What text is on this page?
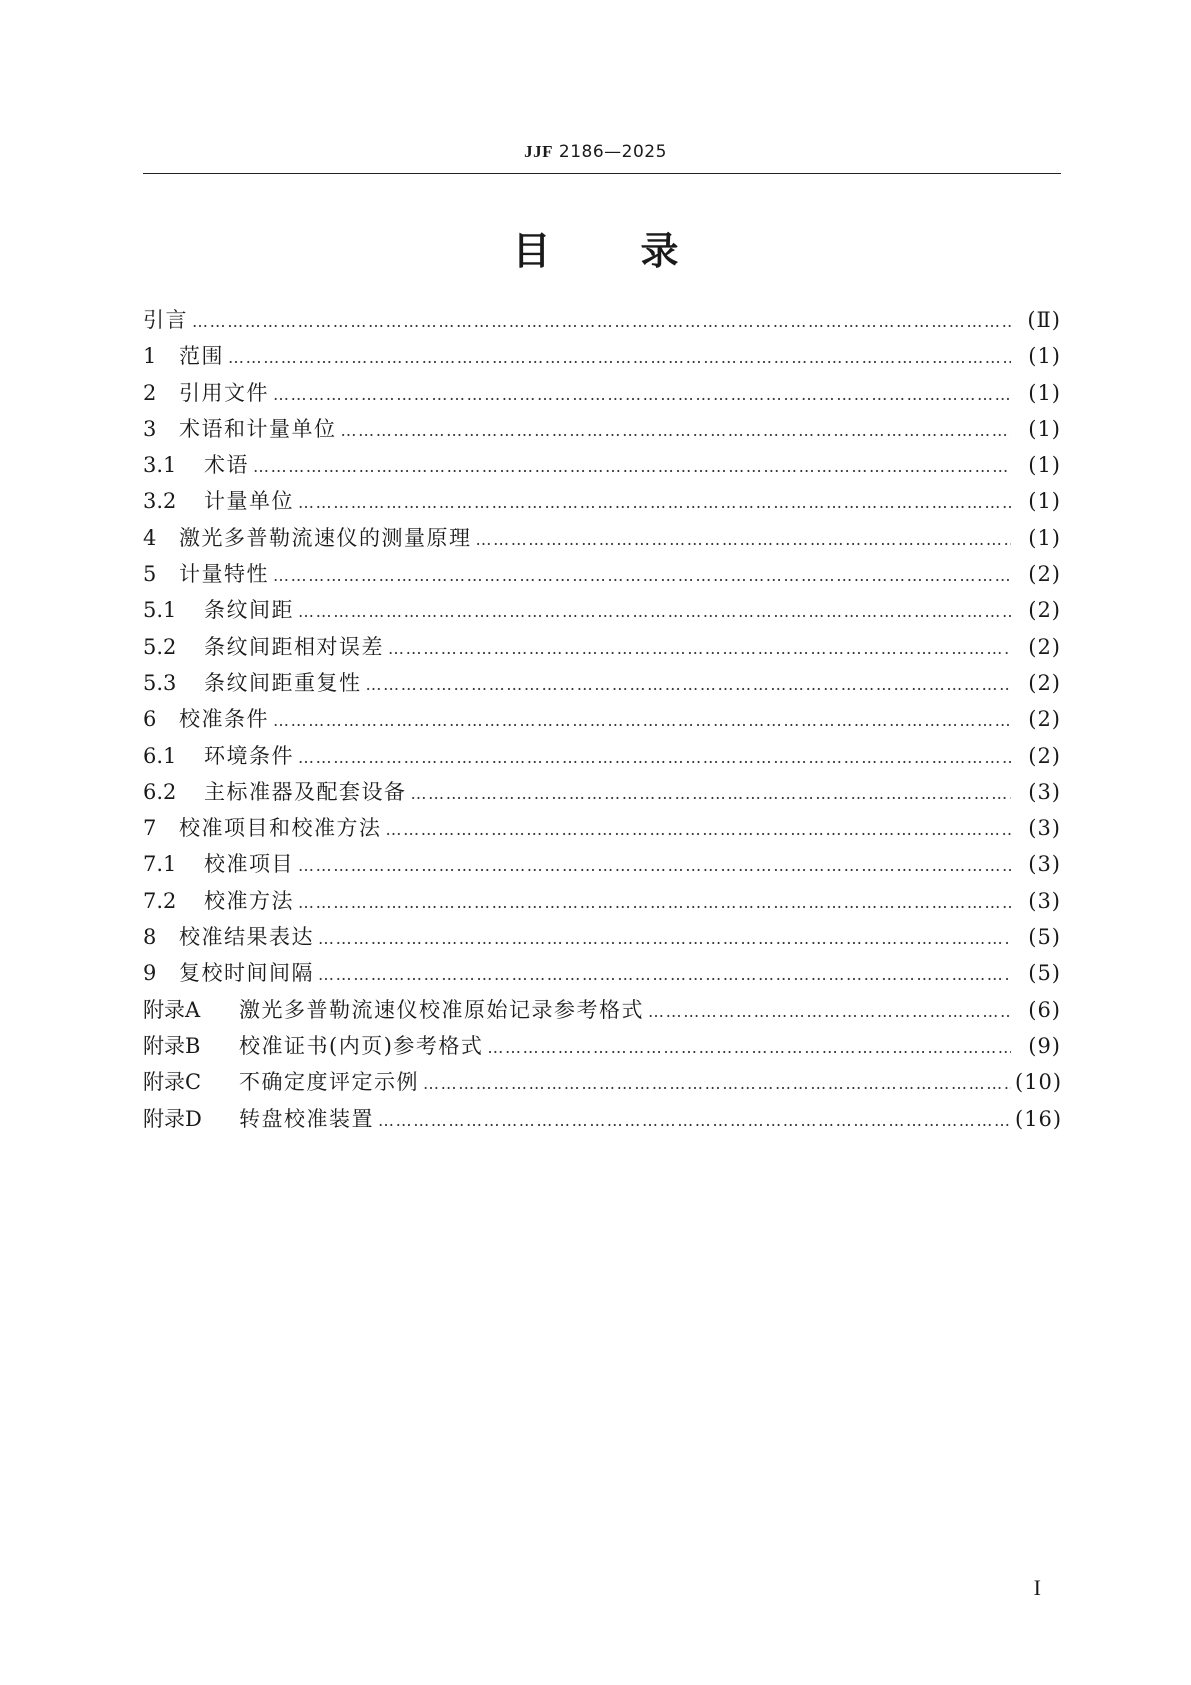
JJF 2186—2025
目 录
引言 ……………………………………………………………………………………………………………………………………………………………………………………………………………………	(Ⅱ)
1	范围 ……………………………………………………………………………………………………………………………………………………………………………………………………………………	(1)
2	引用文件 ……………………………………………………………………………………………………………………………………………………………………………………………………………………	(1)
3	术语和计量单位 ……………………………………………………………………………………………………………………………………………………………………………………………………………………	(1)
3.1	术语 ……………………………………………………………………………………………………………………………………………………………………………………………………………………	(1)
3.2	计量单位 ……………………………………………………………………………………………………………………………………………………………………………………………………………………	(1)
4	激光多普勒流速仪的测量原理 ……………………………………………………………………………………………………………………………………………………………………………………………………………………	(1)
5	计量特性 ……………………………………………………………………………………………………………………………………………………………………………………………………………………	(2)
5.1	条纹间距 ……………………………………………………………………………………………………………………………………………………………………………………………………………………	(2)
5.2	条纹间距相对误差 ……………………………………………………………………………………………………………………………………………………………………………………………………………………	(2)
5.3	条纹间距重复性 ……………………………………………………………………………………………………………………………………………………………………………………………………………………	(2)
6	校准条件 ……………………………………………………………………………………………………………………………………………………………………………………………………………………	(2)
6.1	环境条件 ……………………………………………………………………………………………………………………………………………………………………………………………………………………	(2)
6.2	主标准器及配套设备 ……………………………………………………………………………………………………………………………………………………………………………………………………………………	(3)
7	校准项目和校准方法 ……………………………………………………………………………………………………………………………………………………………………………………………………………………	(3)
7.1	校准项目 ……………………………………………………………………………………………………………………………………………………………………………………………………………………	(3)
7.2	校准方法 ……………………………………………………………………………………………………………………………………………………………………………………………………………………	(3)
8	校准结果表达 ……………………………………………………………………………………………………………………………………………………………………………………………………………………	(5)
9	复校时间间隔 ……………………………………………………………………………………………………………………………………………………………………………………………………………………	(5)
附录A	激光多普勒流速仪校准原始记录参考格式 ……………………………………………………………………………………………………………………………………………………………………………………………………………………	(6)
附录B	校准证书(内页)参考格式 ……………………………………………………………………………………………………………………………………………………………………………………………………………………	(9)
附录C	不确定度评定示例 ……………………………………………………………………………………………………………………………………………………………………………………………………………………	(10)
附录D	转盘校准装置 ……………………………………………………………………………………………………………………………………………………………………………………………………………………	(16)
I
